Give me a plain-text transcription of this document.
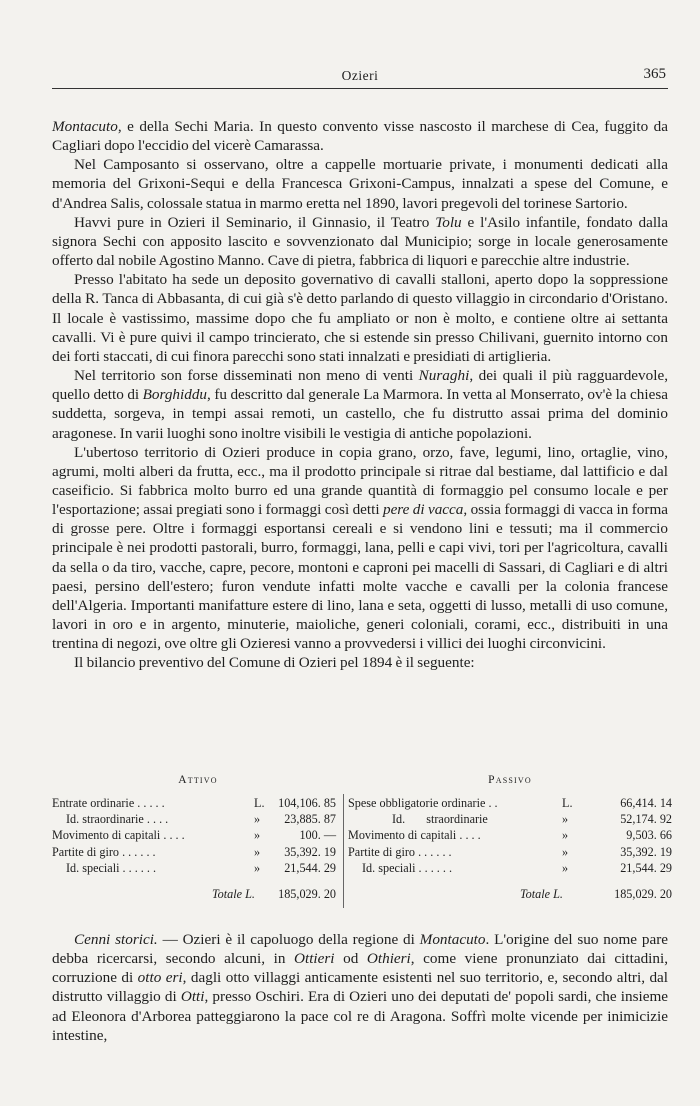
Ozieri	365

Montacuto, e della Sechi Maria. In questo convento visse nascosto il marchese di Cea, fuggito da Cagliari dopo l'eccidio del vicerè Camarassa.

Nel Camposanto si osservano, oltre a cappelle mortuarie private, i monumenti dedicati alla memoria del Grixoni-Sequi e della Francesca Grixoni-Campus, innalzati a spese del Comune, e d'Andrea Salis, colossale statua in marmo eretta nel 1890, lavori pregevoli del torinese Sartorio.

Havvi pure in Ozieri il Seminario, il Ginnasio, il Teatro Tolu e l'Asilo infantile, fondato dalla signora Sechi con apposito lascito e sovvenzionato dal Municipio; sorge in locale generosamente offerto dal nobile Agostino Manno. Cave di pietra, fabbrica di liquori e parecchie altre industrie.

Presso l'abitato ha sede un deposito governativo di cavalli stalloni, aperto dopo la soppressione della R. Tanca di Abbasanta, di cui già s'è detto parlando di questo villaggio in circondario d'Oristano. Il locale è vastissimo, massime dopo che fu ampliato or non è molto, e contiene oltre ai settanta cavalli. Vi è pure quivi il campo trincierato, che si estende sin presso Chilivani, guernito intorno con dei forti staccati, di cui finora parecchi sono stati innalzati e presidiati di artiglieria.

Nel territorio son forse disseminati non meno di venti Nuraghi, dei quali il più ragguardevole, quello detto di Borghiddu, fu descritto dal generale La Marmora. In vetta al Monserrato, ov'è la chiesa suddetta, sorgeva, in tempi assai remoti, un castello, che fu distrutto assai prima del dominio aragonese. In varii luoghi sono inoltre visibili le vestigia di antiche popolazioni.

L'ubertoso territorio di Ozieri produce in copia grano, orzo, fave, legumi, lino, ortaglie, vino, agrumi, molti alberi da frutta, ecc., ma il prodotto principale si ritrae dal bestiame, dal lattificio e dal caseificio. Si fabbrica molto burro ed una grande quantità di formaggio pel consumo locale e per l'esportazione; assai pregiati sono i formaggi così detti pere di vacca, ossia formaggi di vacca in forma di grosse pere. Oltre i formaggi esportansi cereali e si vendono lini e tessuti; ma il commercio principale è nei prodotti pastorali, burro, formaggi, lana, pelli e capi vivi, tori per l'agricoltura, cavalli da sella o da tiro, vacche, capre, pecore, montoni e caproni pei macelli di Sassari, di Cagliari e di altri paesi, persino dell'estero; furon vendute infatti molte vacche e cavalli per la colonia francese dell'Algeria. Importanti manifatture estere di lino, lana e seta, oggetti di lusso, metalli di uso comune, lavori in oro e in argento, minuterie, maioliche, generi coloniali, corami, ecc., distribuiti in una trentina di negozi, ove oltre gli Ozieresi vanno a provvedersi i villici dei luoghi circonvicini.

Il bilancio preventivo del Comune di Ozieri pel 1894 è il seguente:

Attivo
Entrate ordinarie . . . . .	L. 104,106. 85
Id. straordinarie . . . .	» 23,885. 87
Movimento di capitali . . . .	»	100. —
Partite di giro . . . . . .	» 35,392. 19
Id. speciali . . . . . .	» 21,544. 29
Totale L. 185,029. 20
Passivo
Spese obbligatorie ordinarie . .	L.	66,414. 14
Id. straordinarie	»	52,174. 92
Movimento di capitali . . . .	»	9,503. 66
Partite di giro . . . . . .	»	35,392. 19
Id. speciali . . . . . .	»	21,544. 29
Totale L.	185,029. 20

Cenni storici. — Ozieri è il capoluogo della regione di Montacuto. L'origine del suo nome pare debba ricercarsi, secondo alcuni, in Ottieri od Othieri, come viene pronunziato dai cittadini, corruzione di otto eri, dagli otto villaggi anticamente esistenti nel suo territorio, e, secondo altri, dal distrutto villaggio di Otti, presso Oschiri. Era di Ozieri uno dei deputati de' popoli sardi, che insieme ad Eleonora d'Arborea patteggiarono la pace col re di Aragona. Soffrì molte vicende per inimicizie intestine,
